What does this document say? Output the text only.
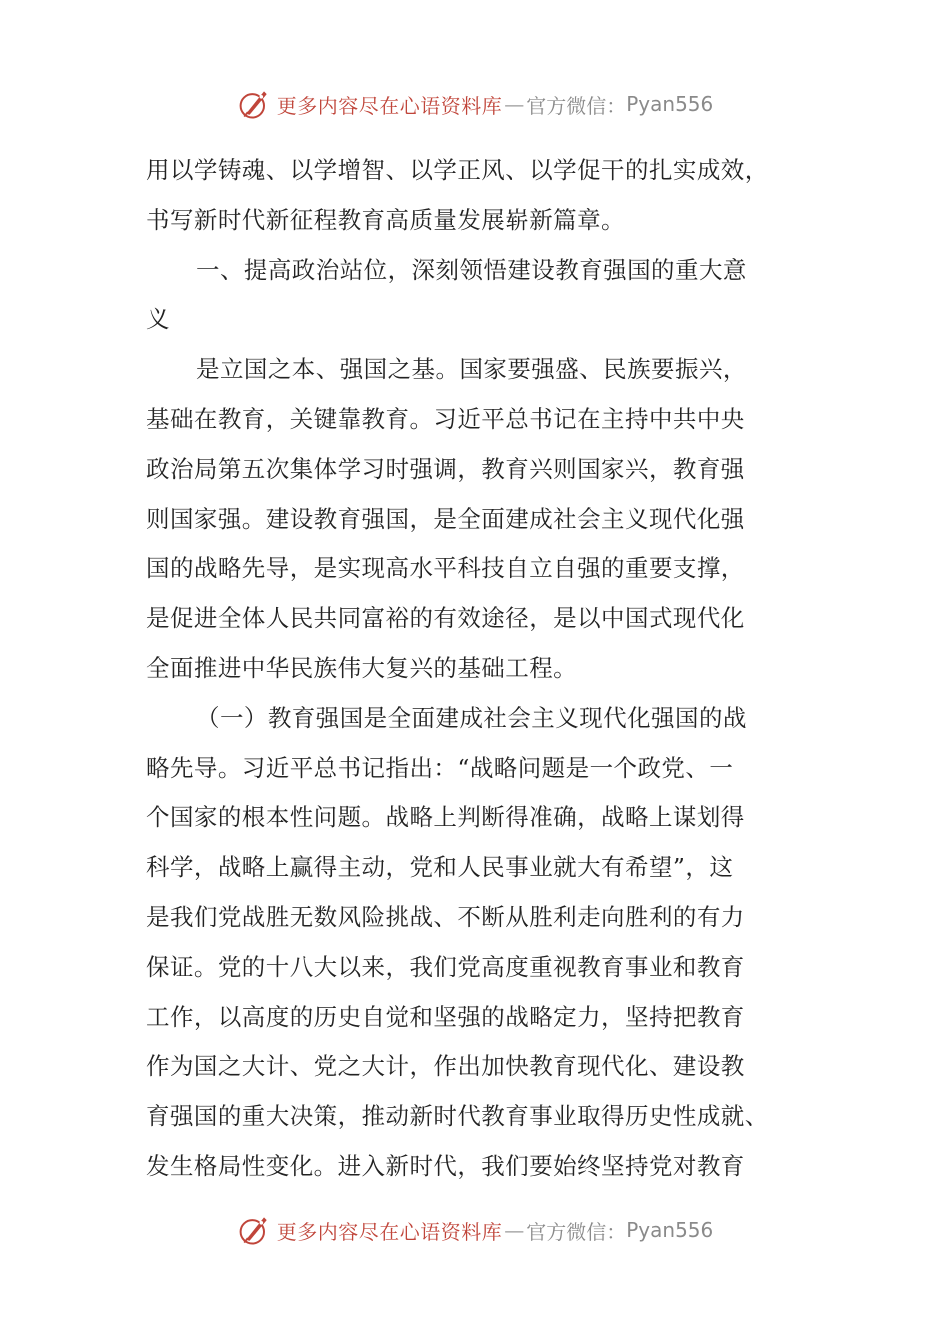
更多内容尽在心语资料库 — 官方微信： Pyan556
用以学铸魂、以学增智、以学正风、以学促干的扎实成效，
书写新时代新征程教育高质量发展崭新篇章。
一、提高政治站位，深刻领悟建设教育强国的重大意
义
是立国之本、强国之基。国家要强盛、民族要振兴，
基础在教育，关键靠教育。习近平总书记在主持中共中央
政治局第五次集体学习时强调，教育兴则国家兴，教育强
则国家强。建设教育强国，是全面建成社会主义现代化强
国的战略先导，是实现高水平科技自立自强的重要支撑，
是促进全体人民共同富裕的有效途径，是以中国式现代化
全面推进中华民族伟大复兴的基础工程。
（一）教育强国是全面建成社会主义现代化强国的战
略先导。习近平总书记指出：“战略问题是一个政党、一
个国家的根本性问题。战略上判断得准确，战略上谋划得
科学，战略上赢得主动，党和人民事业就大有希望”，这
是我们党战胜无数风险挑战、不断从胜利走向胜利的有力
保证。党的十八大以来，我们党高度重视教育事业和教育
工作，以高度的历史自觉和坚强的战略定力，坚持把教育
作为国之大计、党之大计，作出加快教育现代化、建设教
育强国的重大决策，推动新时代教育事业取得历史性成就、
发生格局性变化。进入新时代，我们要始终坚持党对教育
更多内容尽在心语资料库 — 官方微信： Pyan556
